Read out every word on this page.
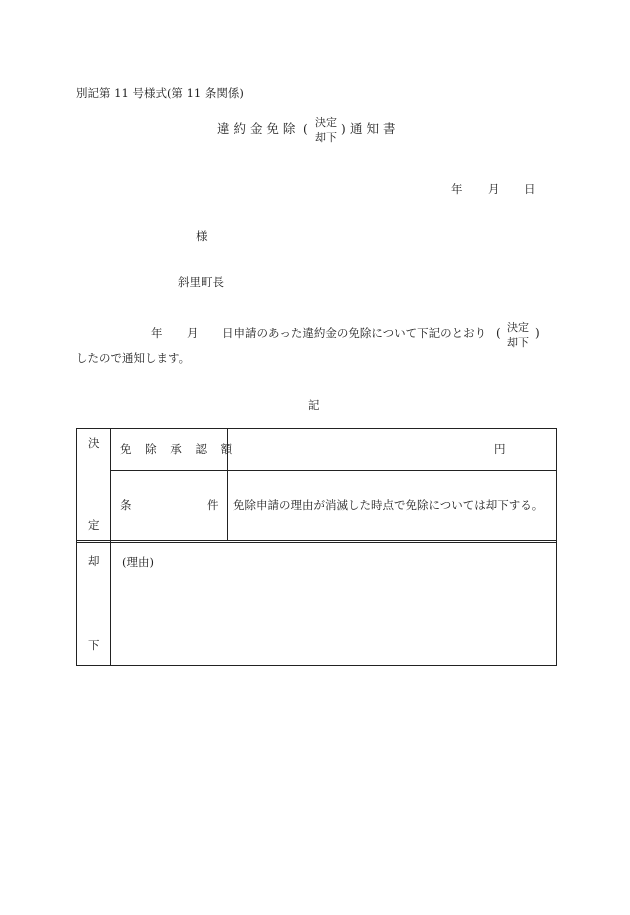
別記第 11 号様式(第 11 条関係)
違 約 金 免 除 ( 決定
却下
) 通 知 書
年 月 日
様
斜里町長
年 月 日申請のあった違約金の免除について下記のとおり ( 決定
却下
)
したので通知します。
記
決
定
免 除 承 認 額	円
条	件 免除申請の理由が消滅した時点で免除については却下する。
却
下
(理由)
